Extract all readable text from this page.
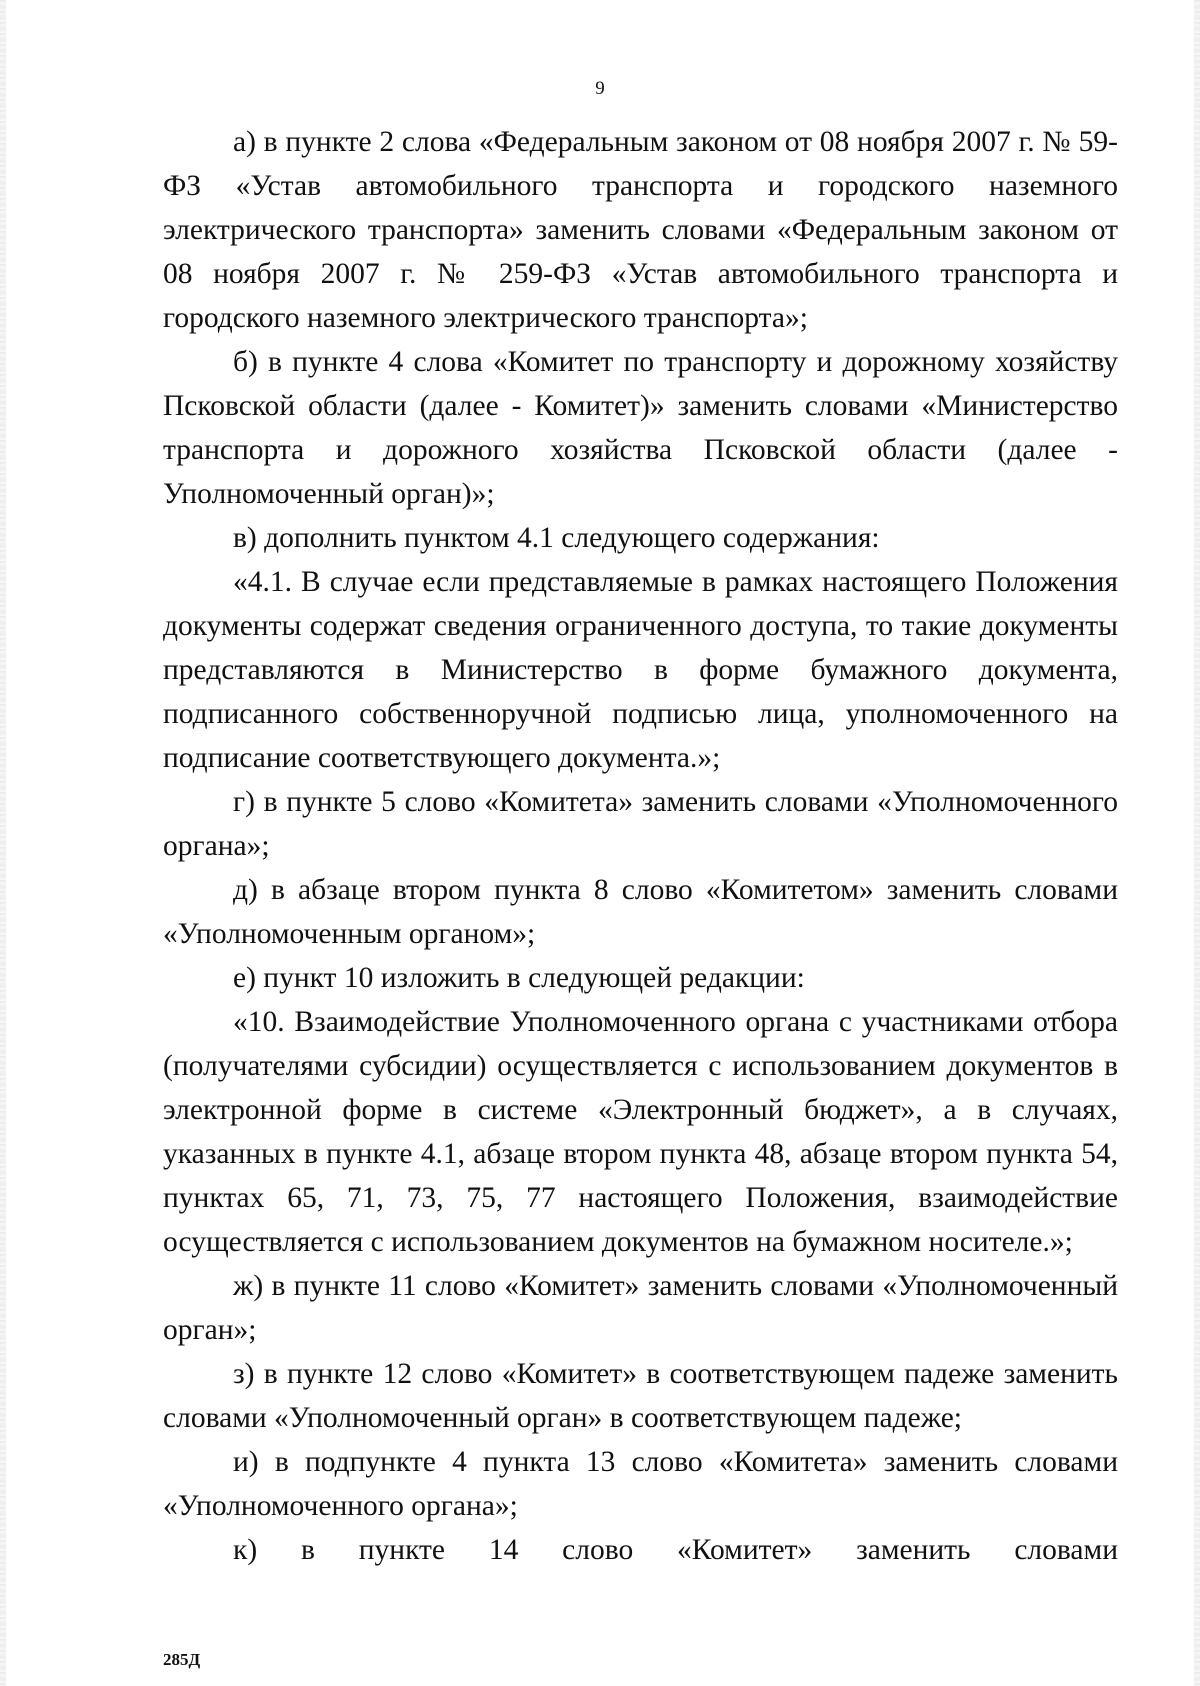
9

а) в пункте 2 слова «Федеральным законом от 08 ноября 2007 г. № 59-ФЗ «Устав автомобильного транспорта и городского наземного электрического транспорта» заменить словами «Федеральным законом от 08 ноября 2007 г. № 259-ФЗ «Устав автомобильного транспорта и городского наземного электрического транспорта»;

б) в пункте 4 слова «Комитет по транспорту и дорожному хозяйству Псковской области (далее - Комитет)» заменить словами «Министерство транспорта и дорожного хозяйства Псковской области (далее - Уполномоченный орган)»;

в) дополнить пунктом 4.1 следующего содержания:

«4.1. В случае если представляемые в рамках настоящего Положения документы содержат сведения ограниченного доступа, то такие документы представляются в Министерство в форме бумажного документа, подписанного собственноручной подписью лица, уполномоченного на подписание соответствующего документа.»;

г) в пункте 5 слово «Комитета» заменить словами «Уполномоченного органа»;

д) в абзаце втором пункта 8 слово «Комитетом» заменить словами «Уполномоченным органом»;

е) пункт 10 изложить в следующей редакции:

«10. Взаимодействие Уполномоченного органа с участниками отбора (получателями субсидии) осуществляется с использованием документов в электронной форме в системе «Электронный бюджет», а в случаях, указанных в пункте 4.1, абзаце втором пункта 48, абзаце втором пункта 54, пунктах 65, 71, 73, 75, 77 настоящего Положения, взаимодействие осуществляется с использованием документов на бумажном носителе.»;

ж) в пункте 11 слово «Комитет» заменить словами «Уполномоченный орган»;

з) в пункте 12 слово «Комитет» в соответствующем падеже заменить словами «Уполномоченный орган» в соответствующем падеже;

и) в подпункте 4 пункта 13 слово «Комитета» заменить словами «Уполномоченного органа»;

к) в пункте 14 слово «Комитет» заменить словами

285Д
